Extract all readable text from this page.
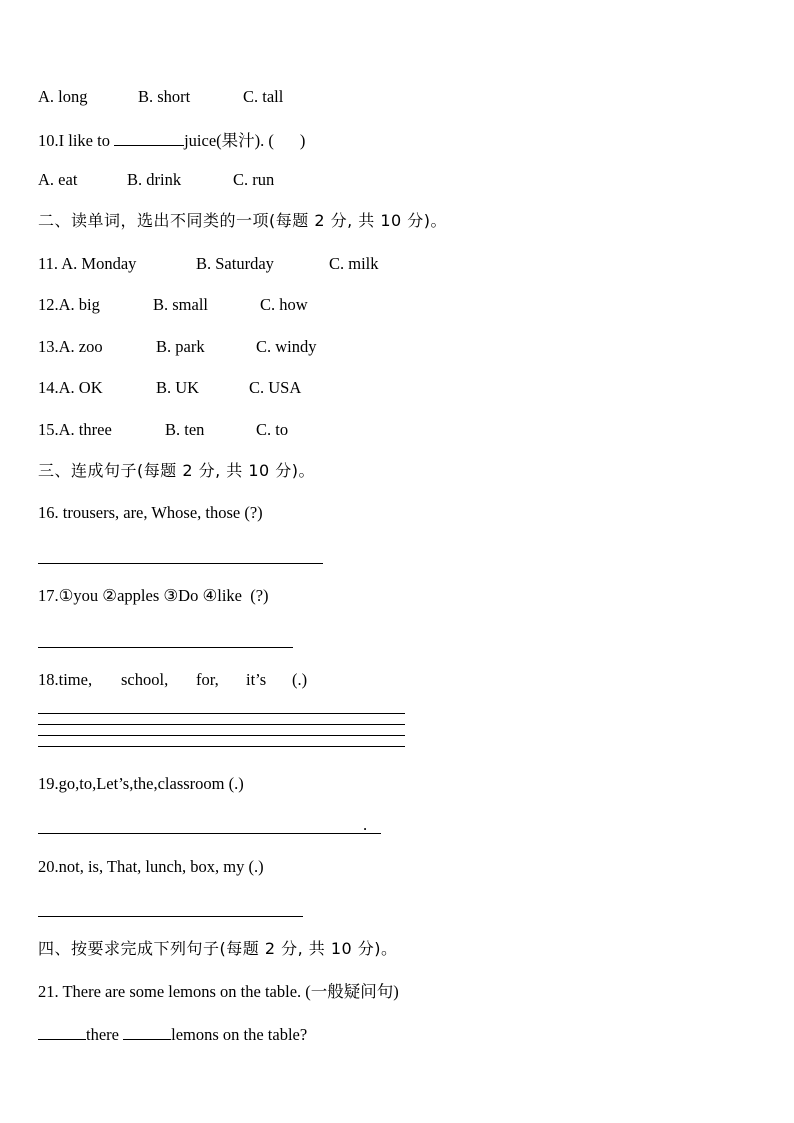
A. long	B. short	C. tall
10.I like to	juice(果汁). ( )
A. eat	B. drink	C. run
二、读单词，选出不同类的一项(每题 2 分, 共 10 分)。
11. A. Monday	B. Saturday	C. milk
12.A. big	B. small	C. how
13.A. zoo	B. park	C. windy
14.A. OK	B. UK	C. USA
15.A. three	B. ten	C. to
三、连成句子(每题 2 分, 共 10 分)。
16. trousers, are, Whose, those (?)
17.①you ②apples ③Do ④like  (?)
18.time, school, for, it’s (.)
19.go,to,Let’s,the,classroom (.)
.
20.not, is, That, lunch, box, my (.)
四、按要求完成下列句子(每题 2 分, 共 10 分)。
21. There are some lemons on the table. (一般疑问句)
there	lemons on the table?
